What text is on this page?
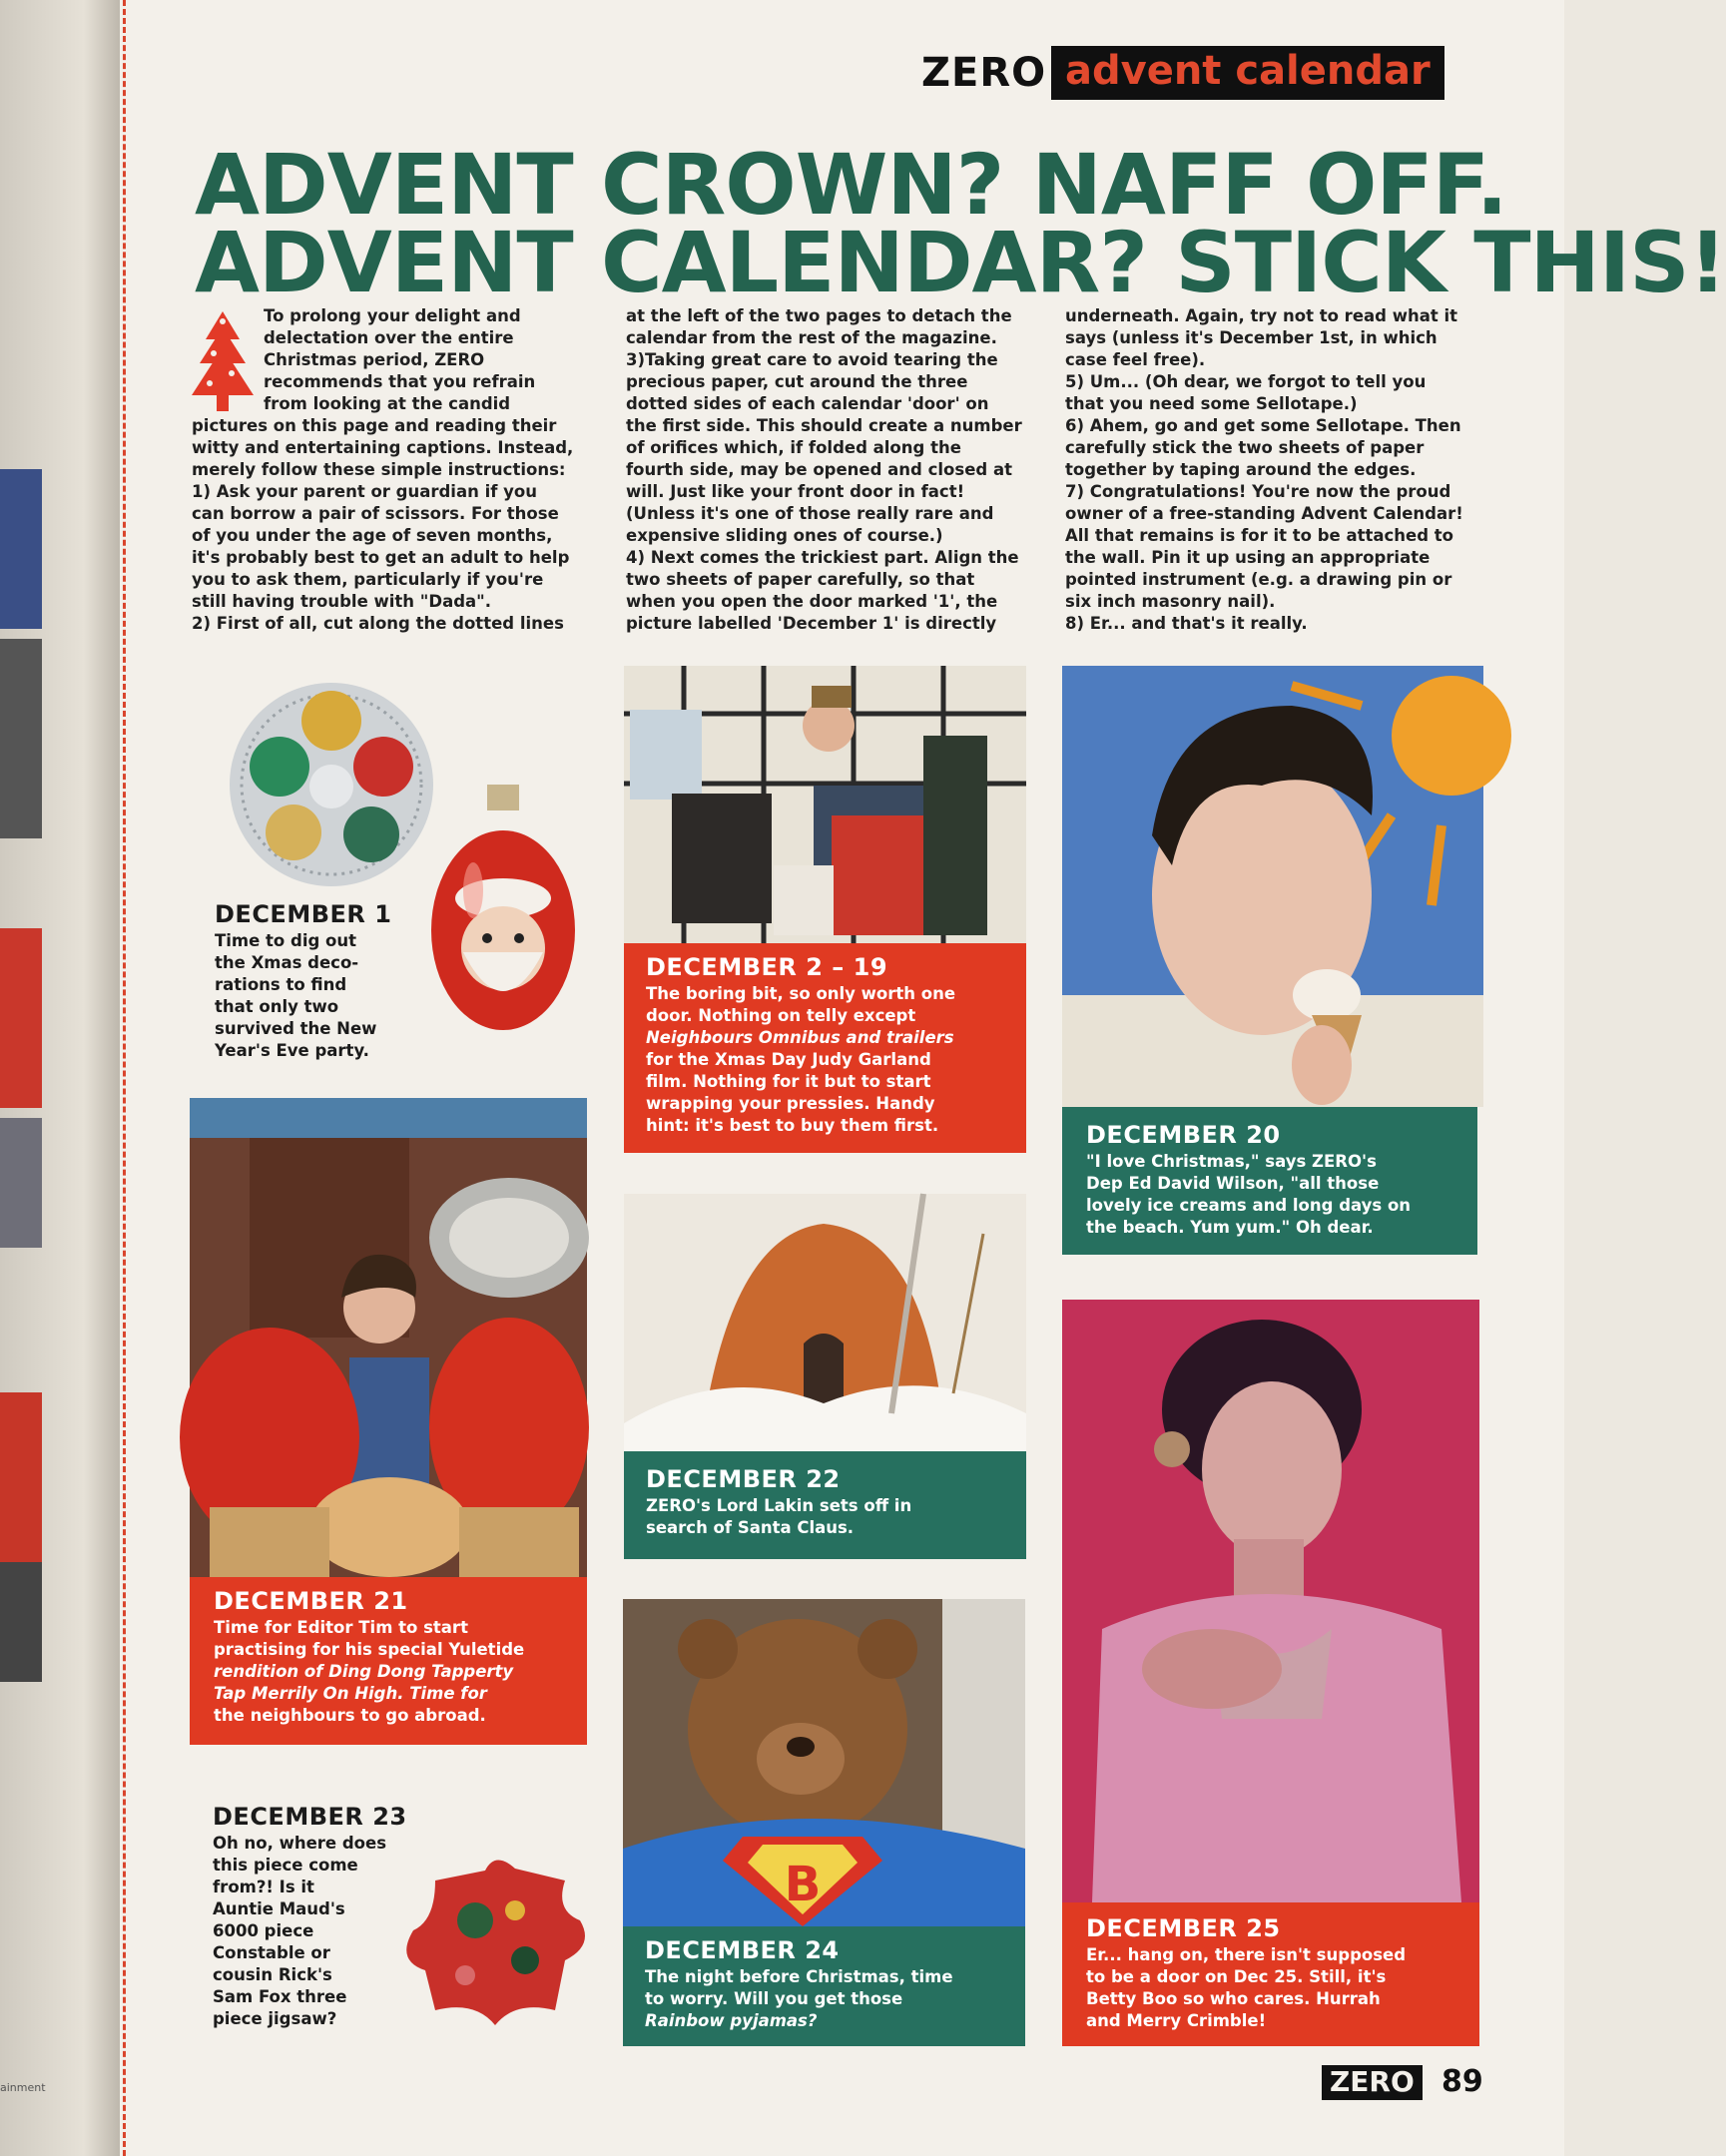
ainment
ZERO advent calendar
ADVENT CROWN? NAFF OFF.
ADVENT CALENDAR? STICK THIS!
To prolong your delight and
delectation over the entire
Christmas period, ZERO
recommends that you refrain
from looking at the candid
pictures on this page and reading their
witty and entertaining captions. Instead,
merely follow these simple instructions:
1) Ask your parent or guardian if you
can borrow a pair of scissors. For those
of you under the age of seven months,
it's probably best to get an adult to help
you to ask them, particularly if you're
still having trouble with "Dada".
2) First of all, cut along the dotted lines
at the left of the two pages to detach the
calendar from the rest of the magazine.
3)Taking great care to avoid tearing the
precious paper, cut around the three
dotted sides of each calendar 'door' on
the first side. This should create a number
of orifices which, if folded along the
fourth side, may be opened and closed at
will. Just like your front door in fact!
(Unless it's one of those really rare and
expensive sliding ones of course.)
4) Next comes the trickiest part. Align the
two sheets of paper carefully, so that
when you open the door marked '1', the
picture labelled 'December 1' is directly
underneath. Again, try not to read what it
says (unless it's December 1st, in which
case feel free).
5) Um... (Oh dear, we forgot to tell you
that you need some Sellotape.)
6) Ahem, go and get some Sellotape. Then
carefully stick the two sheets of paper
together by taping around the edges.
7) Congratulations! You're now the proud
owner of a free-standing Advent Calendar!
All that remains is for it to be attached to
the wall. Pin it up using an appropriate
pointed instrument (e.g. a drawing pin or
six inch masonry nail).
8) Er... and that's it really.
DECEMBER 1
Time to dig out
the Xmas deco-
rations to find
that only two
survived the New
Year's Eve party.
DECEMBER 2 – 19
The boring bit, so only worth one
door. Nothing on telly except
Neighbours Omnibus and trailers
for the Xmas Day Judy Garland
film. Nothing for it but to start
wrapping your pressies. Handy
hint: it's best to buy them first.	DECEMBER 20
"I love Christmas," says ZERO's
Dep Ed David Wilson, "all those
lovely ice creams and long days on
the beach. Yum yum." Oh dear.
DECEMBER 21
Time for Editor Tim to start
practising for his special Yuletide
rendition of Ding Dong Tapperty
Tap Merrily On High. Time for
the neighbours to go abroad.
DECEMBER 22
ZERO's Lord Lakin sets off in
search of Santa Claus.
DECEMBER 23
Oh no, where does
this piece come
from?! Is it
Auntie Maud's
6000 piece
Constable or
cousin Rick's
Sam Fox three
piece jigsaw?
B
DECEMBER 24
The night before Christmas, time
to worry. Will you get those
Rainbow pyjamas?
DECEMBER 25
Er... hang on, there isn't supposed
to be a door on Dec 25. Still, it's
Betty Boo so who cares. Hurrah
and Merry Crimble!
ZERO 89
